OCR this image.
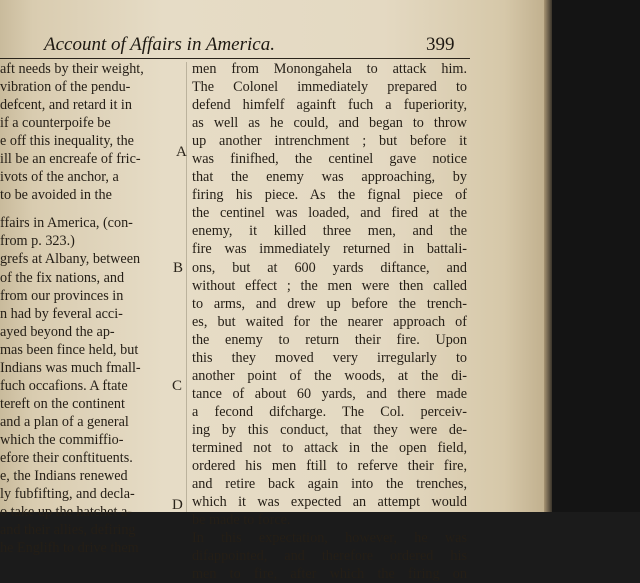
Account of Affairs in America.	399
aft needs by their weight,
vibration of the pendu-
defcent, and retard it in
if a counterpoife be
e off this inequality, the
ill be an encreafe of fric-
ivots of the anchor, a
to be avoided in the
ffairs in America, (con-
from p. 323.)
grefs at Albany, between
of the fix nations, and
from our provinces in
n had by feveral acci-
ayed beyond the ap-
mas been fince held, but
Indians was much fmall-
fuch occafions. A ftate
tereft on the continent
and a plan of a general
which the commiffio-
efore their conftituents.
e, the Indians renewed
ly fubfifting, and decla-
o take up the hatchet a-
and their allies, defiring
he Englifh to drive them
A
B
C
D
men from Monongahela to attack him.
The Colonel immediately prepared to
defend himfelf againft fuch a fuperiority,
as well as he could, and began to throw
up another intrenchment ; but before it
was finifhed, the centinel gave notice
that the enemy was approaching, by
firing his piece. As the fignal piece of
the centinel was loaded, and fired at the
enemy, it killed three men, and the
fire was immediately returned in battali-
ons, but at 600 yards diftance, and
without effect ; the men were then called
to arms, and drew up before the trench-
es, but waited for the nearer approach of
the enemy to return their fire. Upon
this they moved very irregularly to
another point of the woods, at the di-
tance of about 60 yards, and there made
a fecond difcharge. The Col. perceiv-
ing by this conduct, that they were de-
termined not to attack in the open field,
ordered his men ftill to referve their fire,
and retire back again into the trenches,
which it was expected an attempt would
be made to force.
In this expectation, however, he was
difappointed, and therefore ordered his
men to fire, after which the firing on
